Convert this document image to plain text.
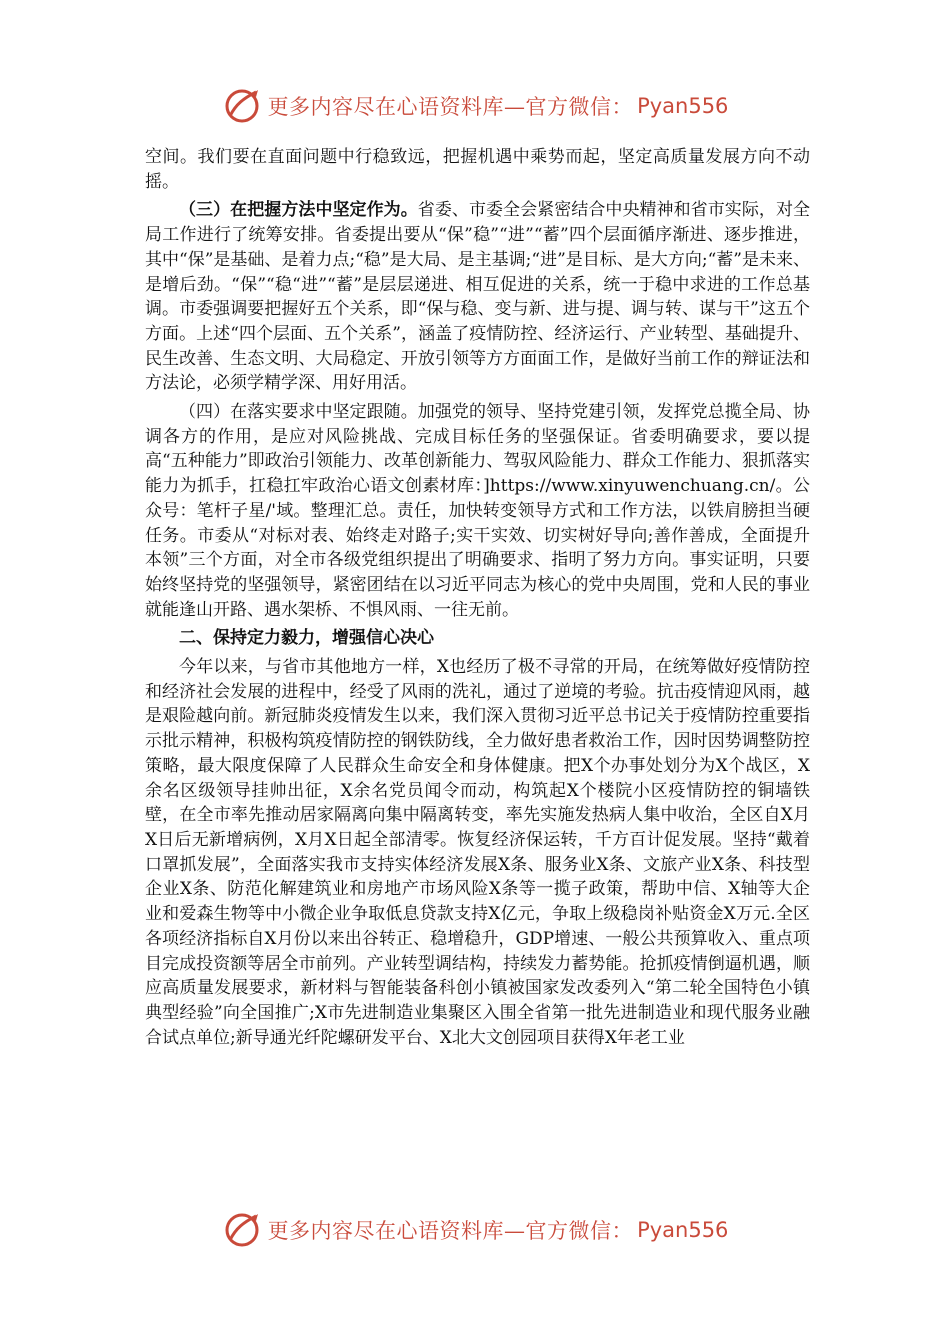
更多内容尽在心语资料库—官方微信： Pyan556

空间。我们要在直面问题中行稳致远，把握机遇中乘势而起，坚定高质量发展方向不动摇。

（三）在把握方法中坚定作为。省委、市委全会紧密结合中央精神和省市实际，对全局工作进行了统筹安排。省委提出要从“保”稳”“进”“蓄”四个层面循序渐进、逐步推进，其中“保”是基础、是着力点;“稳”是大局、是主基调;“进”是目标、是大方向;“蓄”是未来、是增后劲。“保”“稳“进”“蓄”是层层递进、相互促进的关系，统一于稳中求进的工作总基调。市委强调要把握好五个关系，即“保与稳、变与新、进与提、调与转、谋与干”这五个方面。上述“四个层面、五个关系”，涵盖了疫情防控、经济运行、产业转型、基础提升、民生改善、生态文明、大局稳定、开放引领等方方面面工作，是做好当前工作的辩证法和方法论，必须学精学深、用好用活。

（四）在落实要求中坚定跟随。加强党的领导、坚持党建引领，发挥党总揽全局、协调各方的作用，是应对风险挑战、完成目标任务的坚强保证。省委明确要求，要以提高“五种能力”即政治引领能力、改革创新能力、驾驭风险能力、群众工作能力、狠抓落实能力为抓手，扛稳扛牢政治心语文创素材库：]https://www.xinyuwenchuang.cn/。公众号：笔杆子星/'域。整理汇总。责任，加快转变领导方式和工作方法，以铁肩膀担当硬任务。市委从“对标对表、始终走对路子;实干实效、切实树好导向;善作善成，全面提升本领”三个方面，对全市各级党组织提出了明确要求、指明了努力方向。事实证明，只要始终坚持党的坚强领导，紧密团结在以习近平同志为核心的党中央周围，党和人民的事业就能逢山开路、遇水架桥、不惧风雨、一往无前。

二、保持定力毅力，增强信心决心

今年以来，与省市其他地方一样，X也经历了极不寻常的开局，在统筹做好疫情防控和经济社会发展的进程中，经受了风雨的洗礼，通过了逆境的考验。抗击疫情迎风雨，越是艰险越向前。新冠肺炎疫情发生以来，我们深入贯彻习近平总书记关于疫情防控重要指示批示精神，积极构筑疫情防控的钢铁防线，全力做好患者救治工作，因时因势调整防控策略，最大限度保障了人民群众生命安全和身体健康。把X个办事处划分为X个战区，X余名区级领导挂帅出征，X余名党员闻令而动，构筑起X个楼院小区疫情防控的铜墙铁壁，在全市率先推动居家隔离向集中隔离转变，率先实施发热病人集中收治，全区自X月X日后无新增病例，X月X日起全部清零。恢复经济保运转，千方百计促发展。坚持“戴着口罩抓发展”，全面落实我市支持实体经济发展X条、服务业X条、文旅产业X条、科技型企业X条、防范化解建筑业和房地产市场风险X条等一揽子政策，帮助中信、X轴等大企业和爱森生物等中小微企业争取低息贷款支持X亿元，争取上级稳岗补贴资金X万元.全区各项经济指标自X月份以来出谷转正、稳增稳升，GDP增速、一般公共预算收入、重点项目完成投资额等居全市前列。产业转型调结构，持续发力蓄势能。抢抓疫情倒逼机遇，顺应高质量发展要求，新材料与智能装备科创小镇被国家发改委列入“第二轮全国特色小镇典型经验”向全国推广;X市先进制造业集聚区入围全省第一批先进制造业和现代服务业融合试点单位;新导通光纤陀螺研发平台、X北大文创园项目获得X年老工业

更多内容尽在心语资料库—官方微信： Pyan556
